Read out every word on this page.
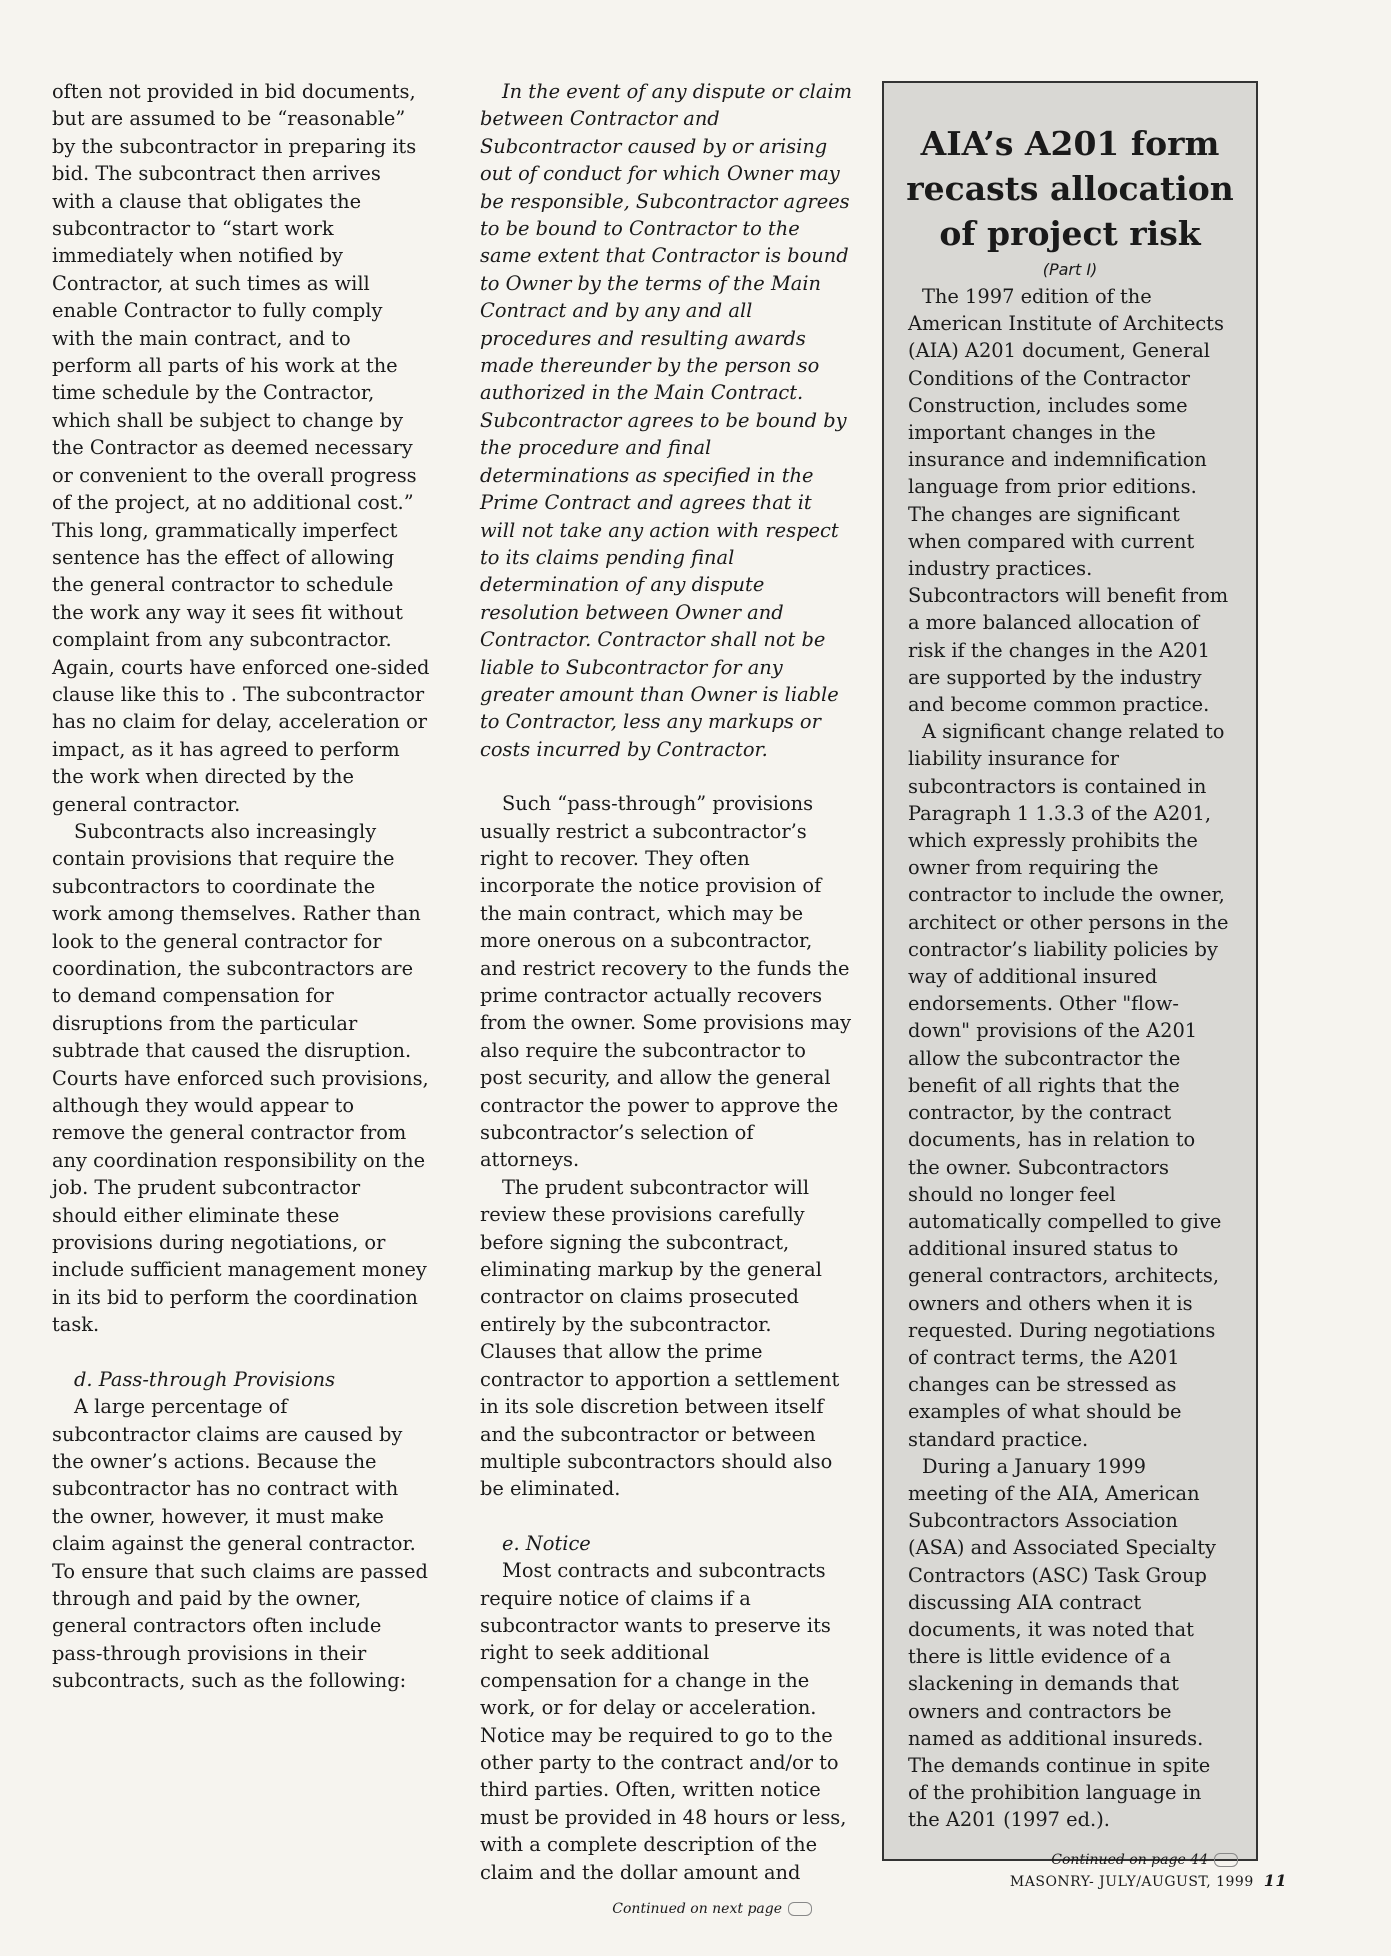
often not provided in bid documents, but are assumed to be “reasonable” by the subcontractor in preparing its bid. The subcontract then arrives with a clause that obligates the subcontractor to “start work immediately when notified by Contractor, at such times as will enable Contractor to fully comply with the main contract, and to perform all parts of his work at the time schedule by the Contractor, which shall be subject to change by the Contractor as deemed necessary or convenient to the overall progress of the project, at no additional cost.” This long, grammatically imperfect sentence has the effect of allowing the general contractor to schedule the work any way it sees fit without complaint from any subcontractor. Again, courts have enforced one-sided clause like this to . The subcontractor has no claim for delay, acceleration or impact, as it has agreed to perform the work when directed by the general contractor.

Subcontracts also increasingly contain provisions that require the subcontractors to coordinate the work among themselves. Rather than look to the general contractor for coordination, the subcontractors are to demand compensation for disruptions from the particular subtrade that caused the disruption. Courts have enforced such provisions, although they would appear to remove the general contractor from any coordination responsibility on the job. The prudent subcontractor should either eliminate these provisions during negotiations, or include sufficient management money in its bid to perform the coordination task.

d. Pass-through Provisions

A large percentage of subcontractor claims are caused by the owner’s actions. Because the subcontractor has no contract with the owner, however, it must make claim against the general contractor. To ensure that such claims are passed through and paid by the owner, general contractors often include pass-through provisions in their subcontracts, such as the following:

In the event of any dispute or claim between Contractor and Subcontractor caused by or arising out of conduct for which Owner may be responsible, Subcontractor agrees to be bound to Contractor to the same extent that Contractor is bound to Owner by the terms of the Main Contract and by any and all procedures and resulting awards made thereunder by the person so authorized in the Main Contract. Subcontractor agrees to be bound by the procedure and final determinations as specified in the Prime Contract and agrees that it will not take any action with respect to its claims pending final determination of any dispute resolution between Owner and Contractor. Contractor shall not be liable to Subcontractor for any greater amount than Owner is liable to Contractor, less any markups or costs incurred by Contractor.

Such “pass-through” provisions usually restrict a subcontractor’s right to recover. They often incorporate the notice provision of the main contract, which may be more onerous on a subcontractor, and restrict recovery to the funds the prime contractor actually recovers from the owner. Some provisions may also require the subcontractor to post security, and allow the general contractor the power to approve the subcontractor’s selection of attorneys.

The prudent subcontractor will review these provisions carefully before signing the subcontract, eliminating markup by the general contractor on claims prosecuted entirely by the subcontractor. Clauses that allow the prime contractor to apportion a settlement in its sole discretion between itself and the subcontractor or between multiple subcontractors should also be eliminated.

e. Notice

Most contracts and subcontracts require notice of claims if a subcontractor wants to preserve its right to seek additional compensation for a change in the work, or for delay or acceleration. Notice may be required to go to the other party to the contract and/or to third parties. Often, written notice must be provided in 48 hours or less, with a complete description of the claim and the dollar amount and

Continued on next page
AIA’s A201 form recasts allocation of project risk
(Part I)

The 1997 edition of the American Institute of Architects (AIA) A201 document, General Conditions of the Contractor Construction, includes some important changes in the insurance and indemnification language from prior editions. The changes are significant when compared with current industry practices. Subcontractors will benefit from a more balanced allocation of risk if the changes in the A201 are supported by the industry and become common practice.

A significant change related to liability insurance for subcontractors is contained in Paragraph 1 1.3.3 of the A201, which expressly prohibits the owner from requiring the contractor to include the owner, architect or other persons in the contractor’s liability policies by way of additional insured endorsements. Other "flow-down" provisions of the A201 allow the subcontractor the benefit of all rights that the contractor, by the contract documents, has in relation to the owner. Subcontractors should no longer feel automatically compelled to give additional insured status to general contractors, architects, owners and others when it is requested. During negotiations of contract terms, the A201 changes can be stressed as examples of what should be standard practice.

During a January 1999 meeting of the AIA, American Subcontractors Association (ASA) and Associated Specialty Contractors (ASC) Task Group discussing AIA contract documents, it was noted that there is little evidence of a slackening in demands that owners and contractors be named as additional insureds. The demands continue in spite of the prohibition language in the A201 (1997 ed.).

Continued on page 44
MASONRY- JULY/AUGUST, 1999 11
